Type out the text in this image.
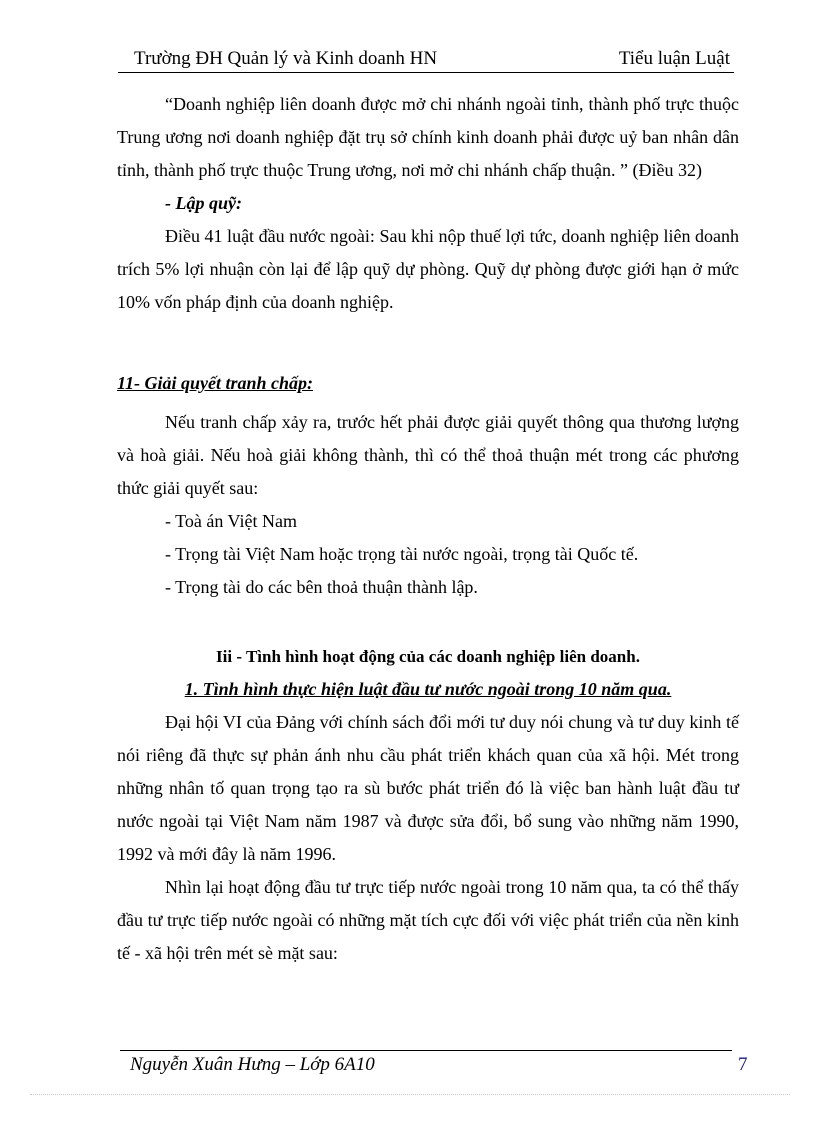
Trường ĐH Quản lý và Kinh doanh HN	Tiểu luận Luật

“Doanh nghiệp liên doanh được mở chi nhánh ngoài tỉnh, thành phố trực thuộc Trung ương nơi doanh nghiệp đặt trụ sở chính kinh doanh phải được uỷ ban nhân dân tỉnh, thành phố trực thuộc Trung ương, nơi mở chi nhánh chấp thuận. ” (Điều 32)

- Lập quỹ:

Điều 41 luật đầu nước ngoài: Sau khi nộp thuế lợi tức, doanh nghiệp liên doanh trích 5% lợi nhuận còn lại để lập quỹ dự phòng. Quỹ dự phòng được giới hạn ở mức 10% vốn pháp định của doanh nghiệp.

11- Giải quyết tranh chấp:

Nếu tranh chấp xảy ra, trước hết phải được giải quyết thông qua thương lượng và hoà giải. Nếu hoà giải không thành, thì có thể thoả thuận mét trong các phương thức giải quyết sau:

- Toà án Việt Nam

- Trọng tài Việt Nam hoặc trọng tài nước ngoài, trọng tài Quốc tế.

- Trọng tài do các bên thoả thuận thành lập.

Iii - Tình hình hoạt động của các doanh nghiệp liên doanh.

1. Tình hình thực hiện luật đầu tư nước ngoài trong 10 năm qua.

Đại hội VI của Đảng với chính sách đổi mới tư duy nói chung và tư duy kinh tế nói riêng đã thực sự phản ánh nhu cầu phát triển khách quan của xã hội. Mét trong những nhân tố quan trọng tạo ra sù bước phát triển đó là việc ban hành luật đầu tư nước ngoài tại Việt Nam năm 1987 và được sửa đổi, bổ sung vào những năm 1990, 1992 và mới đây là năm 1996.

Nhìn lại hoạt động đầu tư trực tiếp nước ngoài trong 10 năm qua, ta có thể thấy đầu tư trực tiếp nước ngoài có những mặt tích cực đối với việc phát triển của nền kinh tế - xã hội trên mét sè mặt sau:

Nguyễn Xuân Hưng – Lớp 6A10	7
